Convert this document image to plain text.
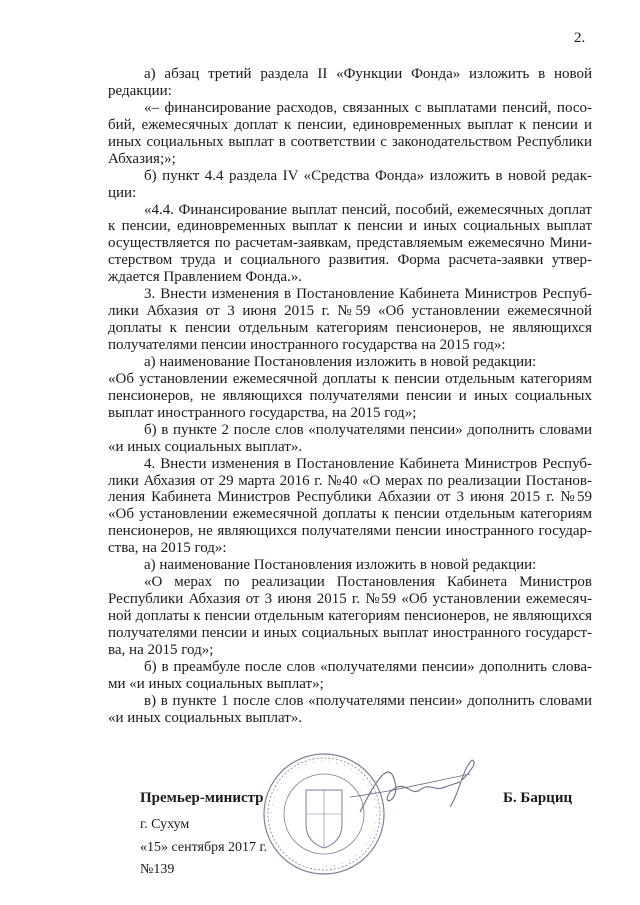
2.
а) абзац третий раздела II «Функции Фонда» изложить в новой
редакции:
«– финансирование расходов, связанных с выплатами пенсий, посо-
бий, ежемесячных доплат к пенсии, единовременных выплат к пенсии и
иных социальных выплат в соответствии с законодательством Республики
Абхазия;»;
б) пункт 4.4 раздела IV «Средства Фонда» изложить в новой редак-
ции:
«4.4. Финансирование выплат пенсий, пособий, ежемесячных доплат
к пенсии, единовременных выплат к пенсии и иных социальных выплат
осуществляется по расчетам-заявкам, представляемым ежемесячно Мини-
стерством труда и социального развития. Форма расчета-заявки утвер-
ждается Правлением Фонда.».
3. Внести изменения в Постановление Кабинета Министров Респуб-
лики Абхазия от 3 июня 2015 г. №59 «Об установлении ежемесячной
доплаты к пенсии отдельным категориям пенсионеров, не являющихся
получателями пенсии иностранного государства на 2015 год»:
а) наименование Постановления изложить в новой редакции:
«Об установлении ежемесячной доплаты к пенсии отдельным категориям
пенсионеров, не являющихся получателями пенсии и иных социальных
выплат иностранного государства, на 2015 год»;
б) в пункте 2 после слов «получателями пенсии» дополнить словами
«и иных социальных выплат».
4. Внести изменения в Постановление Кабинета Министров Респуб-
лики Абхазия от 29 марта 2016 г. №40 «О мерах по реализации Постанов-
ления Кабинета Министров Республики Абхазии от 3 июня 2015 г. №59
«Об установлении ежемесячной доплаты к пенсии отдельным категориям
пенсионеров, не являющихся получателями пенсии иностранного государ-
ства, на 2015 год»:
а) наименование Постановления изложить в новой редакции:
«О мерах по реализации Постановления Кабинета Министров
Республики Абхазия от 3 июня 2015 г. №59 «Об установлении ежемесяч-
ной доплаты к пенсии отдельным категориям пенсионеров, не являющихся
получателями пенсии и иных социальных выплат иностранного государст-
ва, на 2015 год»;
б) в преамбуле после слов «получателями пенсии» дополнить слова-
ми «и иных социальных выплат»;
в) в пункте 1 после слов «получателями пенсии» дополнить словами
«и иных социальных выплат».
Премьер-министр	Б. Барциц
г. Сухум
«15» сентября 2017 г.
№139
· · · · · · · · · · · · · · · · · · · · · · · · · · · · · · · ·
